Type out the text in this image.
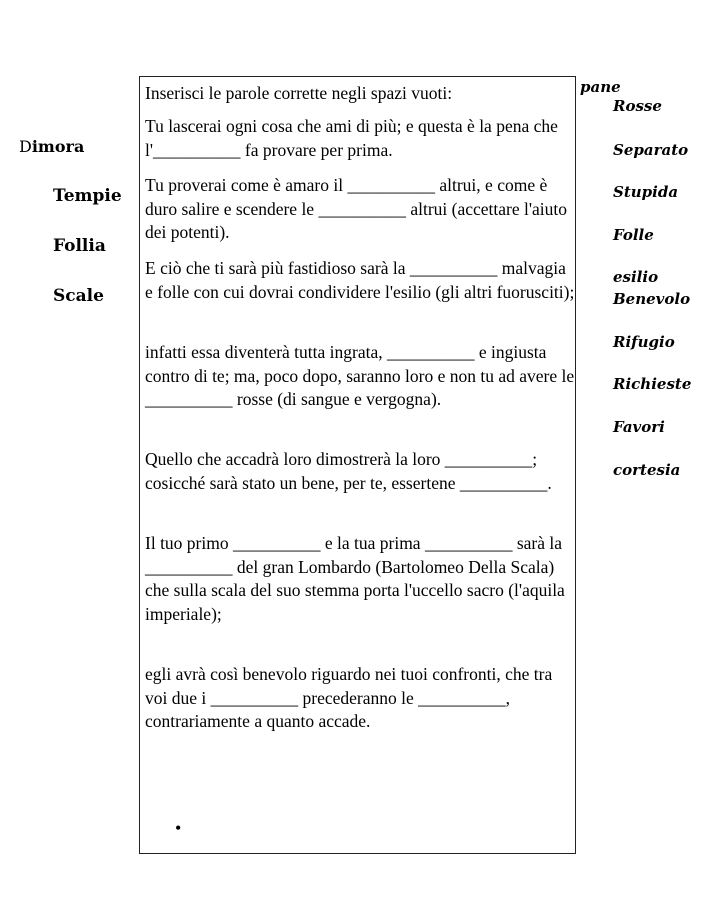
Inserisci le parole corrette negli spazi vuoti:
Tu lascerai ogni cosa che ami di più; e questa è la pena che l'__________ fa provare per prima.
Tu proverai come è amaro il __________ altrui, e come è duro salire e scendere le __________ altrui (accettare l'aiuto dei potenti).
E ciò che ti sarà più fastidioso sarà la __________ malvagia e folle con cui dovrai condividere l'esilio (gli altri fuorusciti);
infatti essa diventerà tutta ingrata, __________ e ingiusta contro di te; ma, poco dopo, saranno loro e non tu ad avere le __________ rosse (di sangue e vergogna).
Quello che accadrà loro dimostrerà la loro __________; cosicché sarà stato un bene, per te, essertene __________.
Il tuo primo __________ e la tua prima __________ sarà la __________ del gran Lombardo (Bartolomeo Della Scala) che sulla scala del suo stemma porta l'uccello sacro (l'aquila imperiale);
egli avrà così benevolo riguardo nei tuoi confronti, che tra voi due i __________ precederanno le __________, contrariamente a quanto accade.
•
Dimora
Tempie
Follia
Scale
pane
Rosse
Separato
Stupida
Folle
esilio
Benevolo
Rifugio
Richieste
Favori
cortesia
